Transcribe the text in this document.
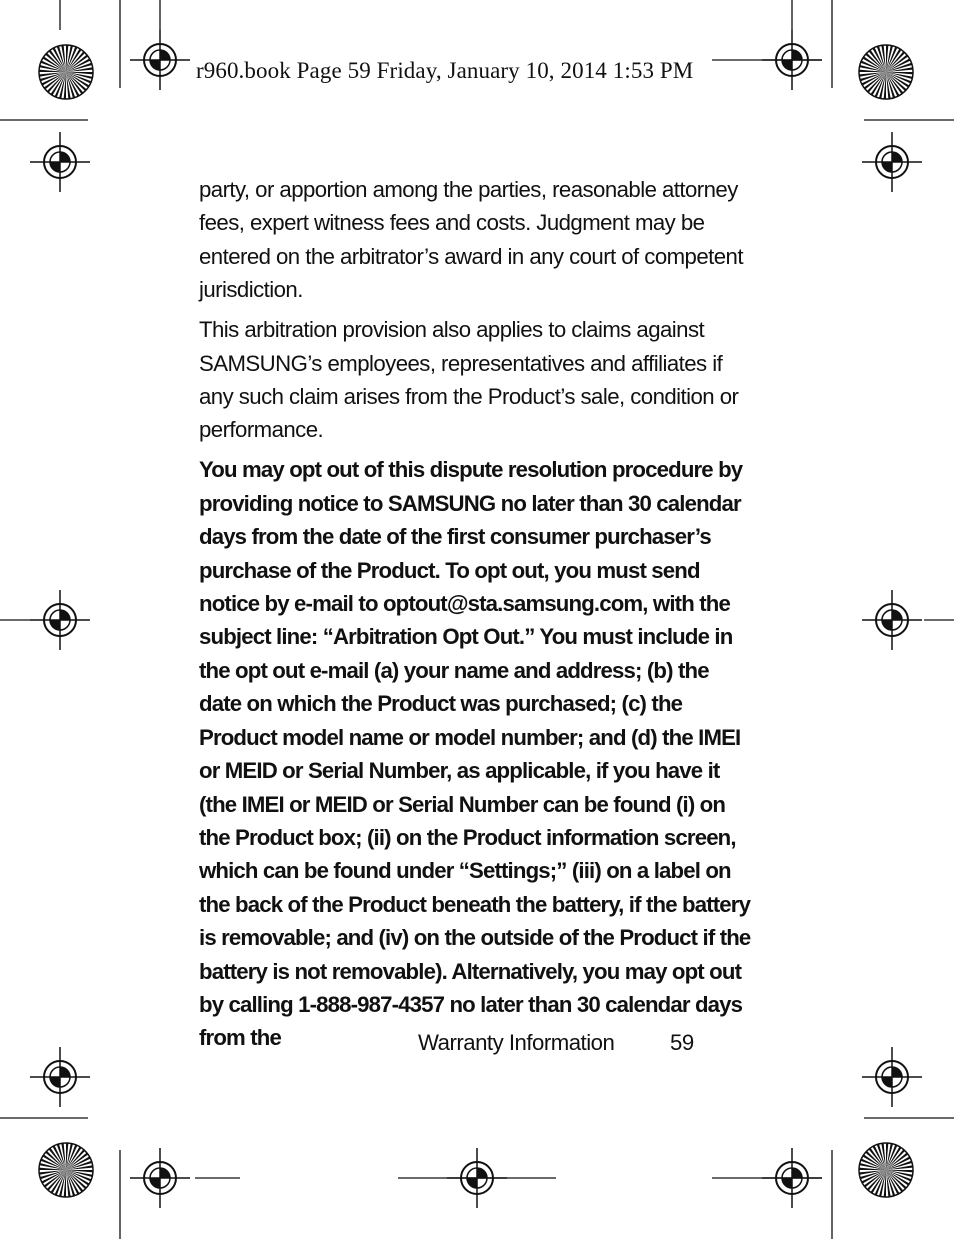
r960.book Page 59 Friday, January 10, 2014 1:53 PM

party, or apportion among the parties, reasonable attorney fees, expert witness fees and costs. Judgment may be entered on the arbitrator’s award in any court of competent jurisdiction.

This arbitration provision also applies to claims against SAMSUNG’s employees, representatives and affiliates if any such claim arises from the Product’s sale, condition or performance.

You may opt out of this dispute resolution procedure by providing notice to SAMSUNG no later than 30 calendar days from the date of the first consumer purchaser’s purchase of the Product. To opt out, you must send notice by e-mail to optout@sta.samsung.com, with the subject line: “Arbitration Opt Out.” You must include in the opt out e-mail (a) your name and address; (b) the date on which the Product was purchased; (c) the Product model name or model number; and (d) the IMEI or MEID or Serial Number, as applicable, if you have it (the IMEI or MEID or Serial Number can be found (i) on the Product box; (ii) on the Product information screen, which can be found under “Settings;” (iii) on a label on the back of the Product beneath the battery, if the battery is removable; and (iv) on the outside of the Product if the battery is not removable). Alternatively, you may opt out by calling 1-888-987-4357 no later than 30 calendar days from the	Warranty Information	59
